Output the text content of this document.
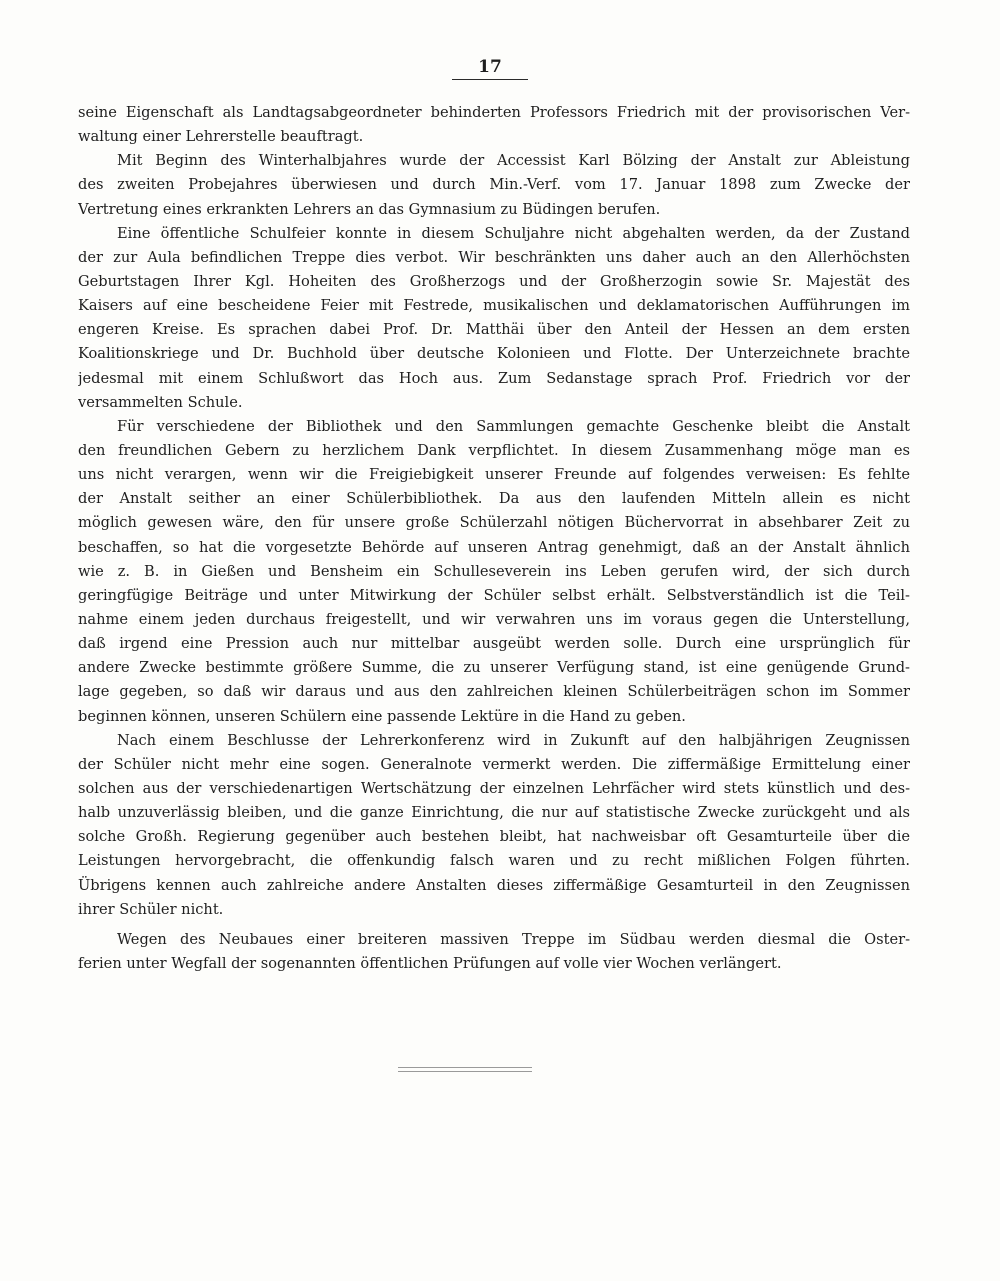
17
seine Eigenschaft als Landtagsabgeordneter behinderten Professors Friedrich mit der provisorischen Ver-
waltung einer Lehrerstelle beauftragt.
Mit Beginn des Winterhalbjahres wurde der Accessist Karl Bölzing der Anstalt zur Ableistung
des zweiten Probejahres überwiesen und durch Min.-Verf. vom 17. Januar 1898 zum Zwecke der
Vertretung eines erkrankten Lehrers an das Gymnasium zu Büdingen berufen.
Eine öffentliche Schulfeier konnte in diesem Schuljahre nicht abgehalten werden, da der Zustand
der zur Aula befindlichen Treppe dies verbot. Wir beschränkten uns daher auch an den Allerhöchsten
Geburtstagen Ihrer Kgl. Hoheiten des Großherzogs und der Großherzogin sowie Sr. Majestät des
Kaisers auf eine bescheidene Feier mit Festrede, musikalischen und deklamatorischen Aufführungen im
engeren Kreise. Es sprachen dabei Prof. Dr. Matthäi über den Anteil der Hessen an dem ersten
Koalitionskriege und Dr. Buchhold über deutsche Kolonieen und Flotte. Der Unterzeichnete brachte
jedesmal mit einem Schlußwort das Hoch aus. Zum Sedanstage sprach Prof. Friedrich vor der
versammelten Schule.
Für verschiedene der Bibliothek und den Sammlungen gemachte Geschenke bleibt die Anstalt
den freundlichen Gebern zu herzlichem Dank verpflichtet. In diesem Zusammenhang möge man es
uns nicht verargen, wenn wir die Freigiebigkeit unserer Freunde auf folgendes verweisen: Es fehlte
der Anstalt seither an einer Schülerbibliothek. Da aus den laufenden Mitteln allein es nicht
möglich gewesen wäre, den für unsere große Schülerzahl nötigen Büchervorrat in absehbarer Zeit zu
beschaffen, so hat die vorgesetzte Behörde auf unseren Antrag genehmigt, daß an der Anstalt ähnlich
wie z. B. in Gießen und Bensheim ein Schulleseverein ins Leben gerufen wird, der sich durch
geringfügige Beiträge und unter Mitwirkung der Schüler selbst erhält. Selbstverständlich ist die Teil-
nahme einem jeden durchaus freigestellt, und wir verwahren uns im voraus gegen die Unterstellung,
daß irgend eine Pression auch nur mittelbar ausgeübt werden solle. Durch eine ursprünglich für
andere Zwecke bestimmte größere Summe, die zu unserer Verfügung stand, ist eine genügende Grund-
lage gegeben, so daß wir daraus und aus den zahlreichen kleinen Schülerbeiträgen schon im Sommer
beginnen können, unseren Schülern eine passende Lektüre in die Hand zu geben.
Nach einem Beschlusse der Lehrerkonferenz wird in Zukunft auf den halbjährigen Zeugnissen
der Schüler nicht mehr eine sogen. Generalnote vermerkt werden. Die ziffermäßige Ermittelung einer
solchen aus der verschiedenartigen Wertschätzung der einzelnen Lehrfächer wird stets künstlich und des-
halb unzuverlässig bleiben, und die ganze Einrichtung, die nur auf statistische Zwecke zurückgeht und als
solche Großh. Regierung gegenüber auch bestehen bleibt, hat nachweisbar oft Gesamturteile über die
Leistungen hervorgebracht, die offenkundig falsch waren und zu recht mißlichen Folgen führten.
Übrigens kennen auch zahlreiche andere Anstalten dieses ziffermäßige Gesamturteil in den Zeugnissen
ihrer Schüler nicht.
Wegen des Neubaues einer breiteren massiven Treppe im Südbau werden diesmal die Oster-
ferien unter Wegfall der sogenannten öffentlichen Prüfungen auf volle vier Wochen verlängert.
